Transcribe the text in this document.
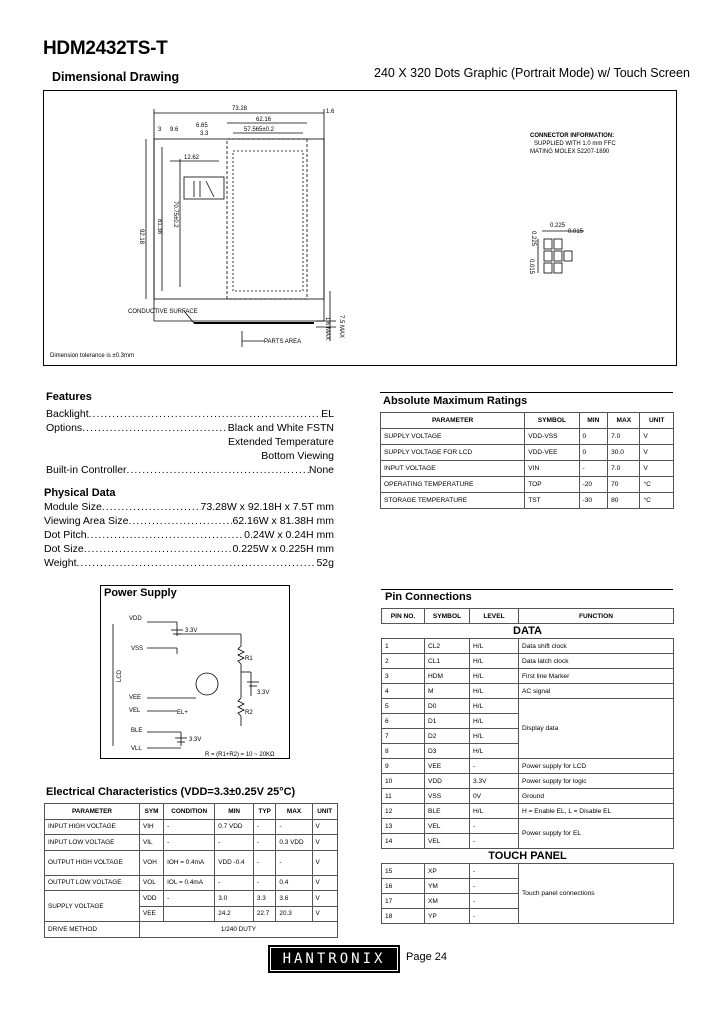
HDM2432TS-T
Dimensional Drawing	240 X 320 Dots Graphic (Portrait Mode) w/ Touch Screen
73.28
62.16
57.565±0.2
1.6
6.65
3.3
3 9.6
12.62
92.18
81.38 70.75±0.2
CONDUCTIVE SURFACE
PARTS AREA
1.6 MAX 7.5 MAX
Dimension tolerance is ±0.3mm
CONNECTOR INFORMATION:
SUPPLIED WITH 1.0 mm FFC
MATING MOLEX 52207-1890
0.225
0.225	0.015
0.015
Features
Backlight .....	EL
Options .....	Black and White FSTN
Extended Temperature
Bottom Viewing
Built-in Controller .....	None
Physical Data
Module Size .....	73.28W x 92.18H x 7.5T mm
Viewing Area Size .....	62.16W x 81.38H mm
Dot Pitch .....	0.24W x 0.24H mm
Dot Size .....	0.225W x 0.225H mm
Weight .....	52g
Power Supply
VDD
VSS
VEE
VEL
BLE
VLL
R1
R2
LCD
3.3V
3.3V
3.3V
EL+
R = (R1+R2) = 10 ~ 20KΩ
Electrical Characteristics (VDD=3.3±0.25V 25°C)
PARAMETER	SYM	CONDITION	MIN	TYP	MAX	UNIT
INPUT HIGH VOLTAGE	VIH	-	0.7 VDD	-	-	V
INPUT LOW VOLTAGE	VIL	-	-	-	0.3 VDD	V
OUTPUT HIGH VOLTAGE	VOH	IOH = 0.4mA	VDD -0.4	-	-	V
OUTPUT LOW VOLTAGE	VOL	IOL = 0.4mA	-	-	0.4	V
SUPPLY VOLTAGE	VDD	-	3.0	3.3	3.6	V
	VEE		24.2	22.7	20.3	V
DRIVE METHOD	1/240 DUTY					
Absolute Maximum Ratings
PARAMETER	SYMBOL	MIN	MAX	UNIT
SUPPLY VOLTAGE	VDD-VSS	0	7.0	V
SUPPLY VOLTAGE FOR LCD	VDD-VEE	0	30.0	V
INPUT VOLTAGE	VIN	-	7.0	V
OPERATING TEMPERATURE	TOP	-20	70	°C
STORAGE TEMPERATURE	TST	-30	80	°C
Pin Connections
PIN NO.	SYMBOL	LEVEL	FUNCTION
DATA			
1	CL2	H/L	Data shift clock
2	CL1	H/L	Data latch clock
3	HDM	H/L	First line Marker
4	M	H/L	AC signal
5	D0	H/L	Display data
6	D1	H/L	
7	D2	H/L	
8	D3	H/L	
9	VEE	-	Power supply for LCD
10	VDD	3.3V	Power supply for logic
11	VSS	0V	Ground
12	BLE	H/L	H = Enable EL, L = Disable EL
13	VEL	-	Power supply for EL
14	VEL	-	
TOUCH PANEL			
15	XP	-	Touch panel connections
16	YM	-	
17	XM	-	
18	YP	-	
HANTRONIX	Page 24
